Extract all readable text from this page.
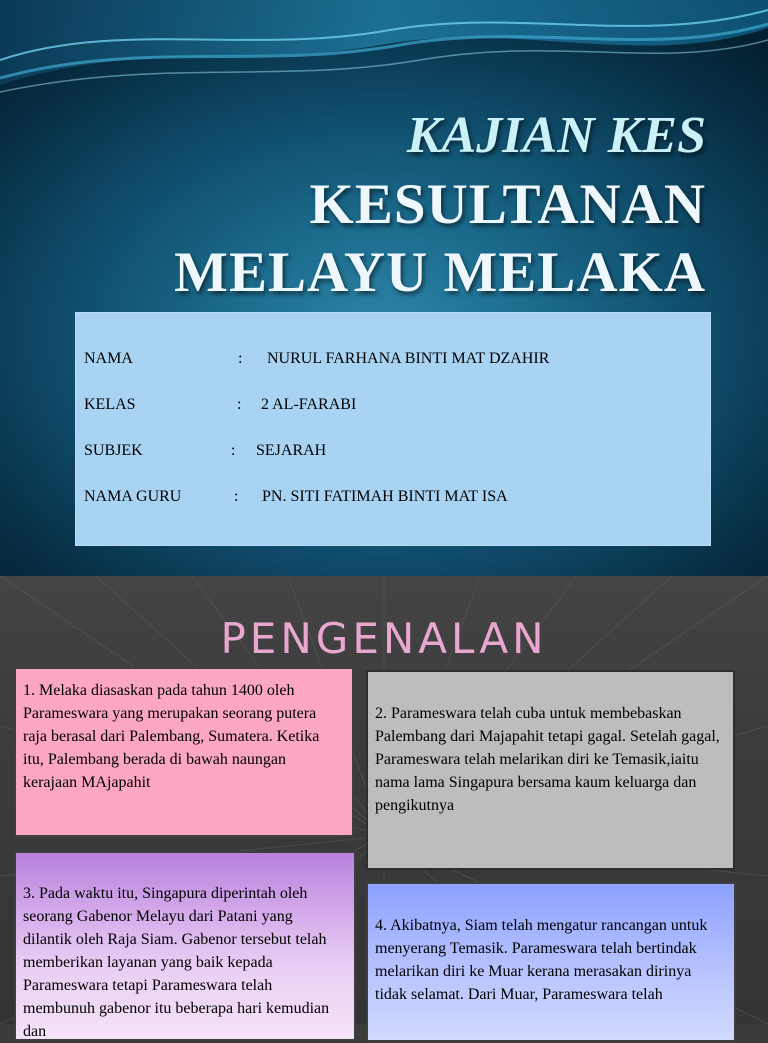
KAJIAN KES
KESULTANAN
MELAYU MELAKA
NAMA	: NURUL FARHANA BINTI MAT DZAHIR
KELAS	: 2 AL-FARABI
SUBJEK	: SEJARAH
NAMA GURU	: PN. SITI FATIMAH BINTI MAT ISA
PENGENALAN
1. Melaka diasaskan pada tahun 1400 oleh Parameswara yang merupakan seorang putera raja berasal dari Palembang, Sumatera. Ketika itu, Palembang berada di bawah naungan kerajaan MAjapahit
2. Parameswara telah cuba untuk membebaskan Palembang dari Majapahit tetapi gagal. Setelah gagal, Parameswara telah melarikan diri ke Temasik,iaitu nama lama Singapura bersama kaum keluarga dan pengikutnya
3. Pada waktu itu, Singapura diperintah oleh seorang Gabenor Melayu dari Patani yang dilantik oleh Raja Siam. Gabenor tersebut telah memberikan layanan yang baik kepada Parameswara tetapi Parameswara telah membunuh gabenor itu beberapa hari kemudian dan
4. Akibatnya, Siam telah mengatur rancangan untuk menyerang Temasik. Parameswara telah bertindak melarikan diri ke Muar kerana merasakan dirinya tidak selamat. Dari Muar, Parameswara telah
